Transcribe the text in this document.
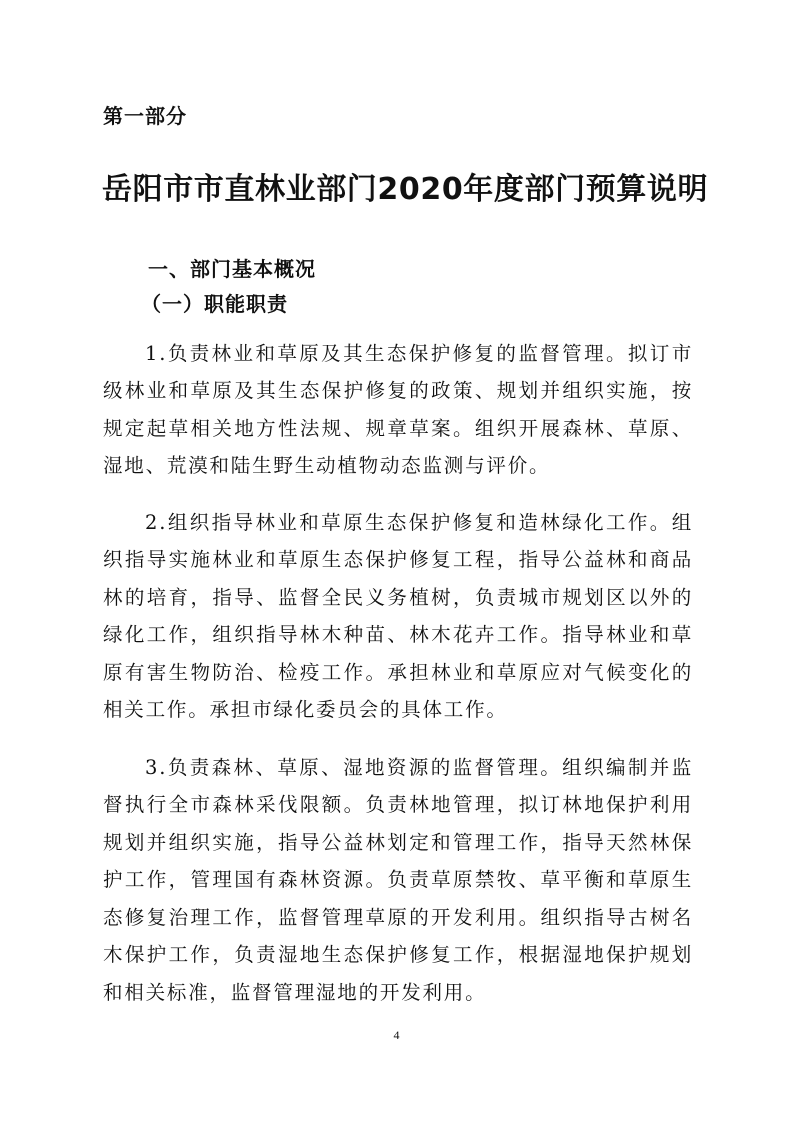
第一部分
岳阳市市直林业部门2020年度部门预算说明
一、部门基本概况
（一）职能职责

1.负责林业和草原及其生态保护修复的监督管理。拟订市级林业和草原及其生态保护修复的政策、规划并组织实施，按规定起草相关地方性法规、规章草案。组织开展森林、草原、湿地、荒漠和陆生野生动植物动态监测与评价。

2.组织指导林业和草原生态保护修复和造林绿化工作。组织指导实施林业和草原生态保护修复工程，指导公益林和商品林的培育，指导、监督全民义务植树，负责城市规划区以外的绿化工作，组织指导林木种苗、林木花卉工作。指导林业和草原有害生物防治、检疫工作。承担林业和草原应对气候变化的相关工作。承担市绿化委员会的具体工作。

3.负责森林、草原、湿地资源的监督管理。组织编制并监督执行全市森林采伐限额。负责林地管理，拟订林地保护利用规划并组织实施，指导公益林划定和管理工作，指导天然林保护工作，管理国有森林资源。负责草原禁牧、草平衡和草原生态修复治理工作，监督管理草原的开发利用。组织指导古树名木保护工作，负责湿地生态保护修复工作，根据湿地保护规划和相关标准，监督管理湿地的开发利用。

4
